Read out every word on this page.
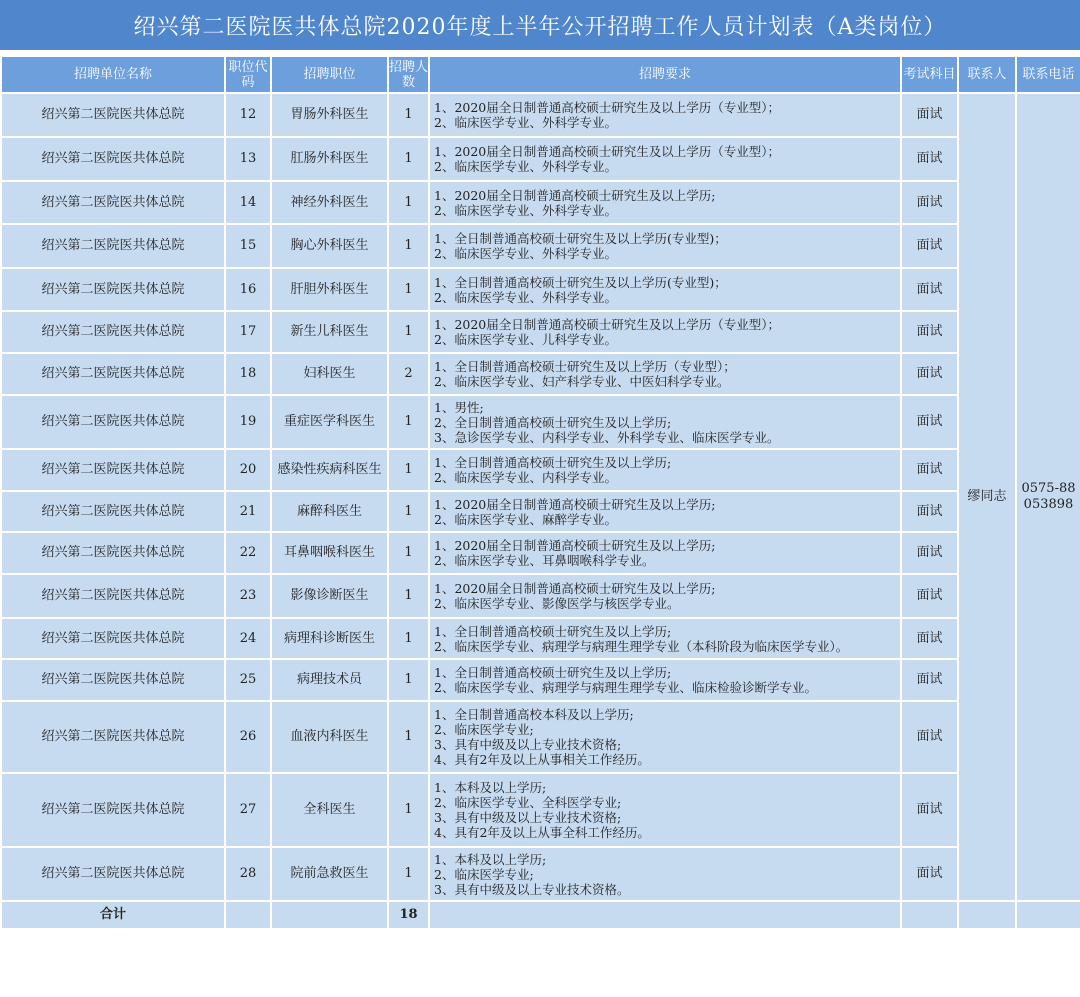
绍兴第二医院医共体总院2020年度上半年公开招聘工作人员计划表（A类岗位）
招聘单位名称	职位代码	招聘职位	招聘人数	招聘要求	考试科目	联系人	联系电话
绍兴第二医院医共体总院	12	胃肠外科医生	1	1、2020届全日制普通高校硕士研究生及以上学历（专业型）；
2、临床医学专业、外科学专业。	面试	缪同志	0575-88053898
绍兴第二医院医共体总院	13	肛肠外科医生	1	1、2020届全日制普通高校硕士研究生及以上学历（专业型）；
2、临床医学专业、外科学专业。	面试		
绍兴第二医院医共体总院	14	神经外科医生	1	1、2020届全日制普通高校硕士研究生及以上学历;
2、临床医学专业、外科学专业。	面试		
绍兴第二医院医共体总院	15	胸心外科医生	1	1、全日制普通高校硕士研究生及以上学历(专业型)；
2、临床医学专业、外科学专业。	面试		
绍兴第二医院医共体总院	16	肝胆外科医生	1	1、全日制普通高校硕士研究生及以上学历(专业型)；
2、临床医学专业、外科学专业。	面试		
绍兴第二医院医共体总院	17	新生儿科医生	1	1、2020届全日制普通高校硕士研究生及以上学历（专业型）；
2、临床医学专业、儿科学专业。	面试		
绍兴第二医院医共体总院	18	妇科医生	2	1、全日制普通高校硕士研究生及以上学历（专业型）；
2、临床医学专业、妇产科学专业、中医妇科学专业。	面试		
绍兴第二医院医共体总院	19	重症医学科医生	1	1、男性;
2、全日制普通高校硕士研究生及以上学历;
3、急诊医学专业、内科学专业、外科学专业、临床医学专业。	面试		
绍兴第二医院医共体总院	20	感染性疾病科医生	1	1、全日制普通高校硕士研究生及以上学历;
2、临床医学专业、内科学专业。	面试		
绍兴第二医院医共体总院	21	麻醉科医生	1	1、2020届全日制普通高校硕士研究生及以上学历;
2、临床医学专业、麻醉学专业。	面试		
绍兴第二医院医共体总院	22	耳鼻咽喉科医生	1	1、2020届全日制普通高校硕士研究生及以上学历;
2、临床医学专业、耳鼻咽喉科学专业。	面试		
绍兴第二医院医共体总院	23	影像诊断医生	1	1、2020届全日制普通高校硕士研究生及以上学历;
2、临床医学专业、影像医学与核医学专业。	面试		
绍兴第二医院医共体总院	24	病理科诊断医生	1	1、全日制普通高校硕士研究生及以上学历;
2、临床医学专业、病理学与病理生理学专业（本科阶段为临床医学专业）。	面试		
绍兴第二医院医共体总院	25	病理技术员	1	1、全日制普通高校硕士研究生及以上学历;
2、临床医学专业、病理学与病理生理学专业、临床检验诊断学专业。	面试		
绍兴第二医院医共体总院	26	血液内科医生	1	1、全日制普通高校本科及以上学历;
2、临床医学专业;
3、具有中级及以上专业技术资格;
4、具有2年及以上从事相关工作经历。	面试		
绍兴第二医院医共体总院	27	全科医生	1	1、本科及以上学历;
2、临床医学专业、全科医学专业;
3、具有中级及以上专业技术资格;
4、具有2年及以上从事全科工作经历。	面试		
绍兴第二医院医共体总院	28	院前急救医生	1	1、本科及以上学历;
2、临床医学专业;
3、具有中级及以上专业技术资格。	面试		
合计			18				
